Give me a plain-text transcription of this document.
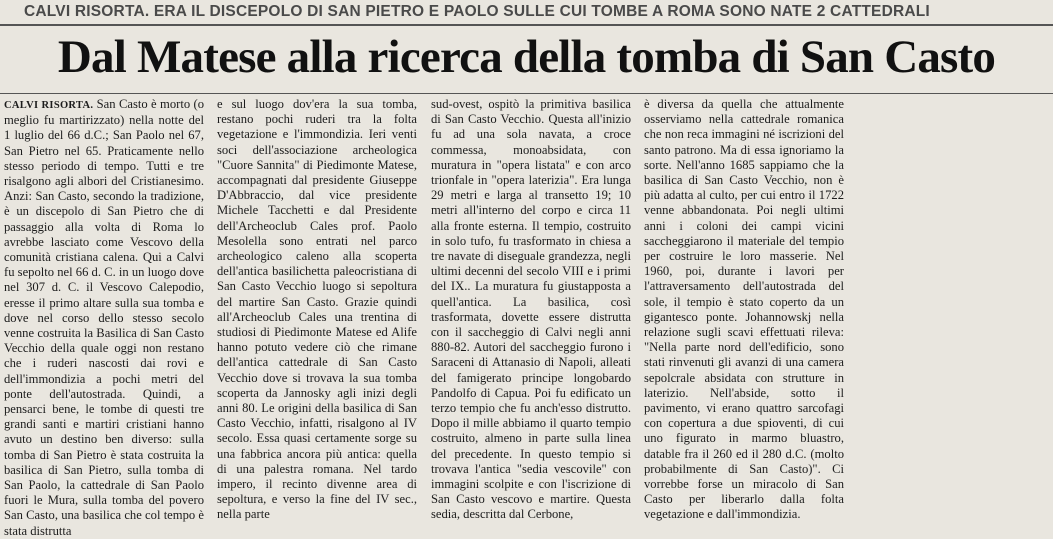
CALVI RISORTA. ERA IL DISCEPOLO DI SAN PIETRO E PAOLO SULLE CUI TOMBE A ROMA SONO NATE 2 CATTEDRALI
Dal Matese alla ricerca della tomba di San Casto

CALVI RISORTA. San Casto è morto (o meglio fu martirizzato) nella notte del 1 luglio del 66 d.C.; San Paolo nel 67, San Pietro nel 65. Praticamente nello stesso periodo di tempo. Tutti e tre risalgono agli albori del Cristianesimo. Anzi: San Casto, secondo la tradizione, è un discepolo di San Pietro che di passaggio alla volta di Roma lo avrebbe lasciato come Vescovo della comunità cristiana calena. Qui a Calvi fu sepolto nel 66 d. C. in un luogo dove nel 307 d. C. il Vescovo Calepodio, eresse il primo altare sulla sua tomba e dove nel corso dello stesso secolo venne costruita la Basilica di San Casto Vecchio della quale oggi non restano che i ruderi nascosti dai rovi e dell'immondizia a pochi metri del ponte dell'autostrada. Quindi, a pensarci bene, le tombe di questi tre grandi santi e martiri cristiani hanno avuto un destino ben diverso: sulla tomba di San Pietro è stata costruita la basilica di San Pietro, sulla tomba di San Paolo, la cattedrale di San Paolo fuori le Mura, sulla tomba del povero San Casto, una basilica che col tempo è stata distrutta

e sul luogo dov'era la sua tomba, restano pochi ruderi tra la folta vegetazione e l'immondizia. Ieri venti soci dell'associazione archeologica "Cuore Sannita" di Piedimonte Matese, accompagnati dal presidente Giuseppe D'Abbraccio, dal vice presidente Michele Tacchetti e dal Presidente dell'Archeoclub Cales prof. Paolo Mesolella sono entrati nel parco archeologico caleno alla scoperta dell'antica basilichetta paleocristiana di San Casto Vecchio luogo si sepoltura del martire San Casto. Grazie quindi all'Archeoclub Cales una trentina di studiosi di Piedimonte Matese ed Alife hanno potuto vedere ciò che rimane dell'antica cattedrale di San Casto Vecchio dove si trovava la sua tomba scoperta da Jannosky agli inizi degli anni 80. Le origini della basilica di San Casto Vecchio, infatti, risalgono al IV secolo. Essa quasi certamente sorge su una fabbrica ancora più antica: quella di una palestra romana. Nel tardo impero, il recinto divenne area di sepoltura, e verso la fine del IV sec., nella parte

sud-ovest, ospitò la primitiva basilica di San Casto Vecchio. Questa all'inizio fu ad una sola navata, a croce commessa, monoabsidata, con muratura in "opera listata" e con arco trionfale in "opera laterizia". Era lunga 29 metri e larga al transetto 19; 10 metri all'interno del corpo e circa 11 alla fronte esterna. Il tempio, costruito in solo tufo, fu trasformato in chiesa a tre navate di diseguale grandezza, negli ultimi decenni del secolo VIII e i primi del IX.. La muratura fu giustapposta a quell'antica. La basilica, così trasformata, dovette essere distrutta con il saccheggio di Calvi negli anni 880-82. Autori del saccheggio furono i Saraceni di Attanasio di Napoli, alleati del famigerato principe longobardo Pandolfo di Capua. Poi fu edificato un terzo tempio che fu anch'esso distrutto. Dopo il mille abbiamo il quarto tempio costruito, almeno in parte sulla linea del precedente. In questo tempio si trovava l'antica "sedia vescovile" con immagini scolpite e con l'iscrizione di San Casto vescovo e martire. Questa sedia, descritta dal Cerbone,

è diversa da quella che attualmente osserviamo nella cattedrale romanica che non reca immagini né iscrizioni del santo patrono. Ma di essa ignoriamo la sorte. Nell'anno 1685 sappiamo che la basilica di San Casto Vecchio, non è più adatta al culto, per cui entro il 1722 venne abbandonata. Poi negli ultimi anni i coloni dei campi vicini saccheggiarono il materiale del tempio per costruire le loro masserie. Nel 1960, poi, durante i lavori per l'attraversamento dell'autostrada del sole, il tempio è stato coperto da un gigantesco ponte. Johannowskj nella relazione sugli scavi effettuati rileva: "Nella parte nord dell'edificio, sono stati rinvenuti gli avanzi di una camera sepolcrale absidata con strutture in laterizio. Nell'abside, sotto il pavimento, vi erano quattro sarcofagi con copertura a due spioventi, di cui uno figurato in marmo bluastro, datable fra il 260 ed il 280 d.C. (molto probabilmente di San Casto)". Ci vorrebbe forse un miracolo di San Casto per liberarlo dalla folta vegetazione e dall'immondizia.
